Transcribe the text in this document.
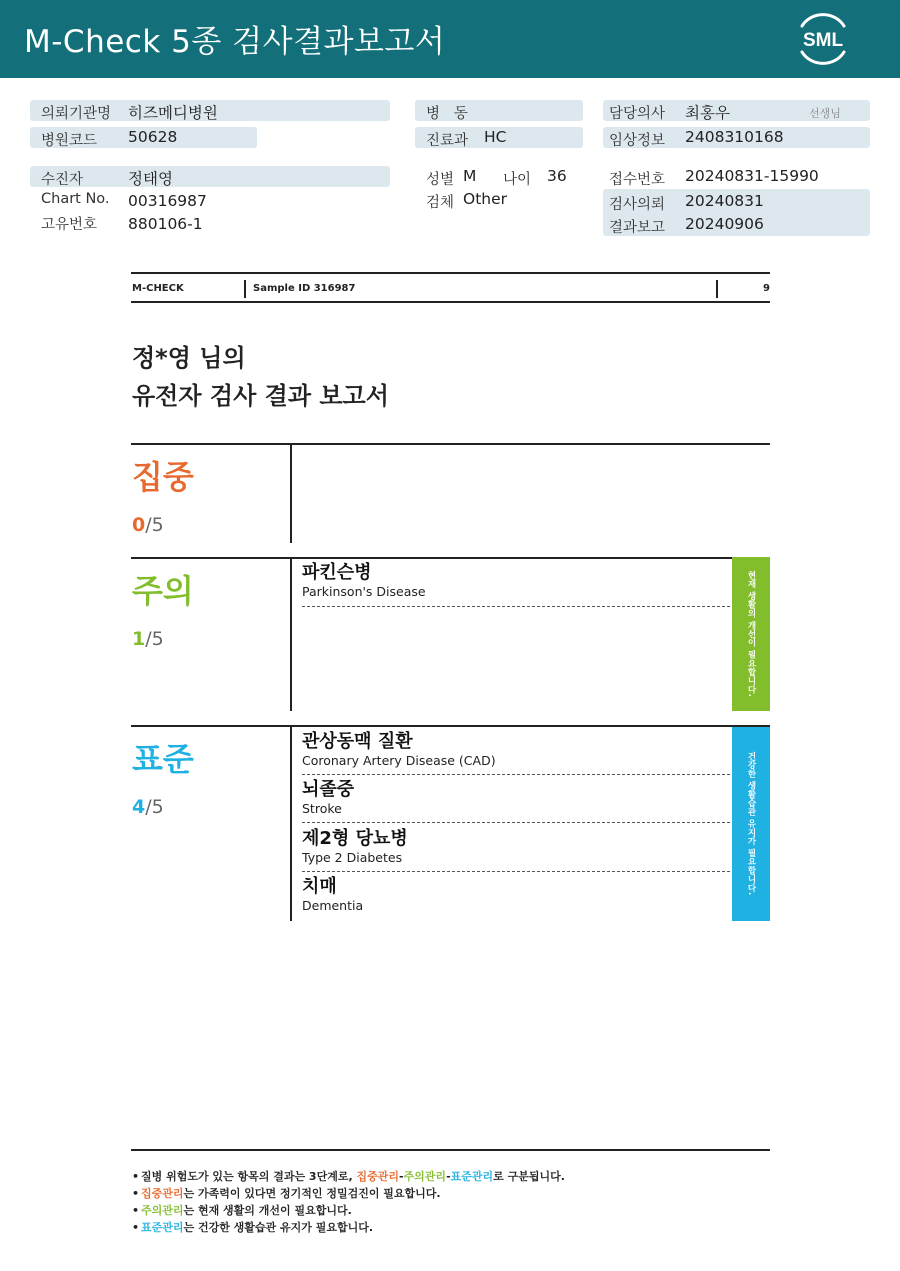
M-Check 5종 검사결과보고서	SML
의뢰기관명 히즈메디병원
병원코드 50628
병   동
진료과 HC
담당의사 최홍우	선생님
임상정보 2408310168
수진자	정태영
Chart No. 00316987
고유번호 880106-1
성별 M 나이 36
검체 Other
접수번호 20240831-15990
검사의뢰 20240831
결과보고 20240906
M-CHECK	Sample ID 316987	9
정*영 님의
유전자 검사 결과 보고서
집중
0/5
주의
1/5
파킨슨병
Parkinson's Disease	현재 생활의 개선이 필요합니다.
표준
4/5
관상동맥 질환
Coronary Artery Disease (CAD)
뇌졸중
Stroke
제2형 당뇨병
Type 2 Diabetes
치매
Dementia
건강한 생활습관 유지가 필요합니다.
• 질병 위험도가 있는 항목의 결과는 3단계로, 집중관리-주의관리-표준관리로 구분됩니다.
• 집중관리는 가족력이 있다면 정기적인 정밀검진이 필요합니다.
• 주의관리는 현재 생활의 개선이 필요합니다.
• 표준관리는 건강한 생활습관 유지가 필요합니다.
